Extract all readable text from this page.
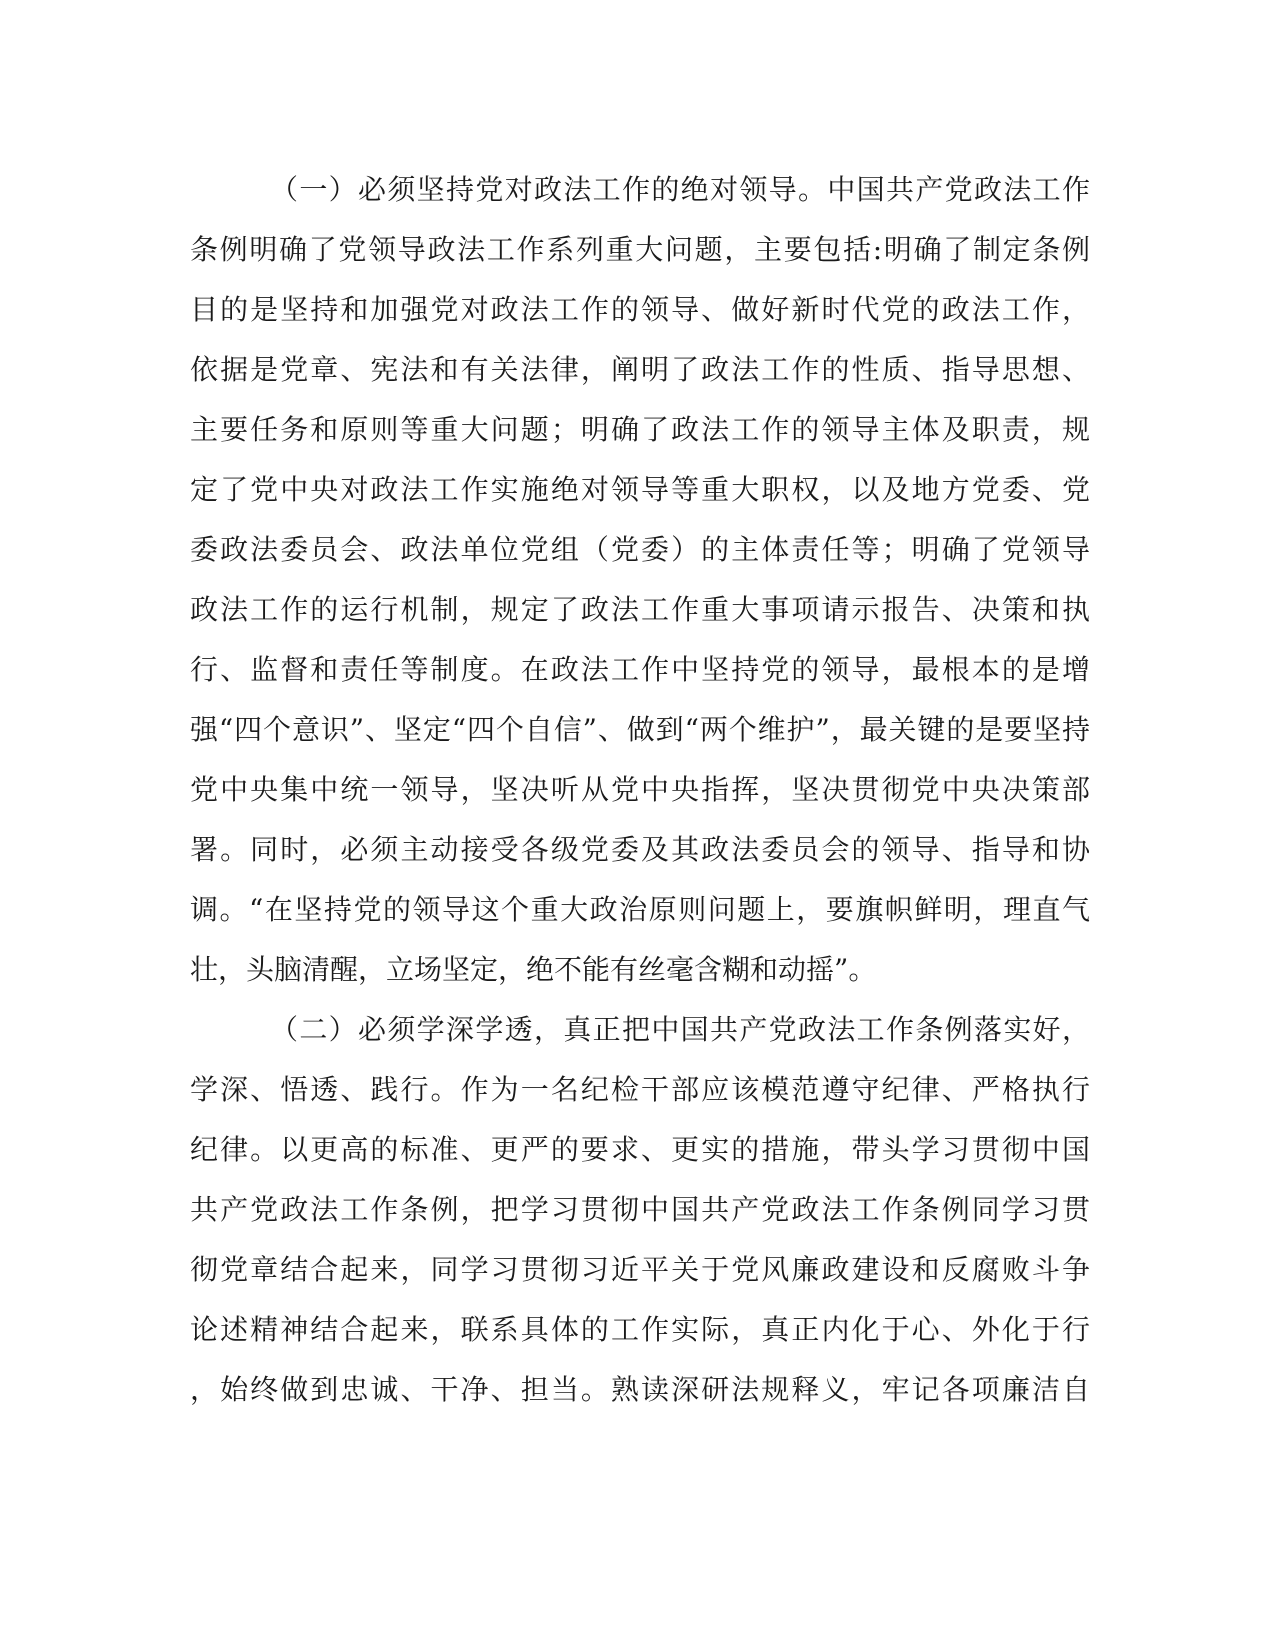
（一）必须坚持党对政法工作的绝对领导。中国共产党政法工作
条例明确了党领导政法工作系列重大问题，主要包括:明确了制定条例
目的是坚持和加强党对政法工作的领导、做好新时代党的政法工作，
依据是党章、宪法和有关法律，阐明了政法工作的性质、指导思想、
主要任务和原则等重大问题；明确了政法工作的领导主体及职责，规
定了党中央对政法工作实施绝对领导等重大职权，以及地方党委、党
委政法委员会、政法单位党组（党委）的主体责任等；明确了党领导
政法工作的运行机制，规定了政法工作重大事项请示报告、决策和执
行、监督和责任等制度。在政法工作中坚持党的领导，最根本的是增
强“四个意识”、坚定“四个自信”、做到“两个维护”，最关键的是要坚持
党中央集中统一领导，坚决听从党中央指挥，坚决贯彻党中央决策部
署。同时，必须主动接受各级党委及其政法委员会的领导、指导和协
调。“在坚持党的领导这个重大政治原则问题上，要旗帜鲜明，理直气
壮，头脑清醒，立场坚定，绝不能有丝毫含糊和动摇”。
（二）必须学深学透，真正把中国共产党政法工作条例落实好，
学深、悟透、践行。作为一名纪检干部应该模范遵守纪律、严格执行
纪律。以更高的标准、更严的要求、更实的措施，带头学习贯彻中国
共产党政法工作条例，把学习贯彻中国共产党政法工作条例同学习贯
彻党章结合起来，同学习贯彻习近平关于党风廉政建设和反腐败斗争
论述精神结合起来，联系具体的工作实际，真正内化于心、外化于行
，始终做到忠诚、干净、担当。熟读深研法规释义，牢记各项廉洁自
